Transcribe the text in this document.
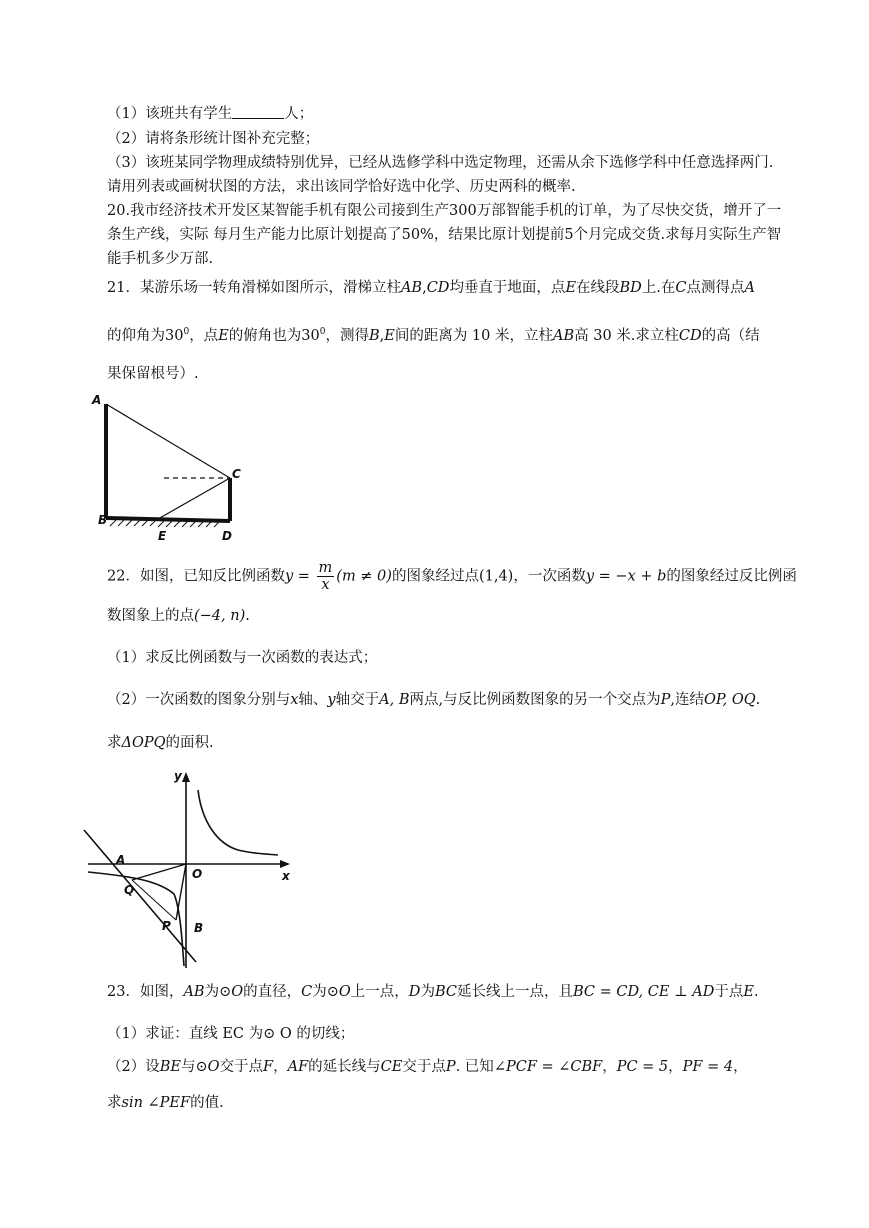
（1）该班共有学生	人；
（2）请将条形统计图补充完整；
（3）该班某同学物理成绩特别优异，已经从选修学科中选定物理，还需从余下选修学科中任意选择两门.
请用列表或画树状图的方法，求出该同学恰好选中化学、历史两科的概率.
20.我市经济技术开发区某智能手机有限公司接到生产300万部智能手机的订单，为了尽快交货，增开了一
条生产线，实际 每月生产能力比原计划提高了50%，结果比原计划提前5个月完成交货.求每月实际生产智
能手机多少万部.
21．某游乐场一转角滑梯如图所示，滑梯立柱AB,CD均垂直于地面，点E在线段BD上.在C点测得点A
的仰角为$30^0$，点E的俯角也为$30^0$，测得B,E间的距离为 10 米，立柱AB高 30 米.求立柱CD的高（结
果保留根号）.
A
B
C
D
E
22．如图，已知反比例函数$y = \frac{m}{x} (m \ne 0)$的图象经过点(1,4)，一次函数y = −x + b的图象经过反比例函
数图象上的点(−4, n).
（1）求反比例函数与一次函数的表达式；
（2）一次函数的图象分别与x轴、y轴交于A, B两点,与反比例函数图象的另一个交点为P,连结OP, OQ.
求ΔOPQ的面积.
y
x
O
A
Q
P B
23．如图，AB为⊙O的直径，C为⊙O上一点，D为BC延长线上一点，且BC = CD, CE ⊥ AD于点E.
（1）求证：直线 EC 为⊙ O 的切线；
（2）设BE与⊙O交于点F，AF的延长线与CE交于点P. 已知∠PCF = ∠CBF，PC = 5，PF = 4，
求sin ∠PEF的值.
